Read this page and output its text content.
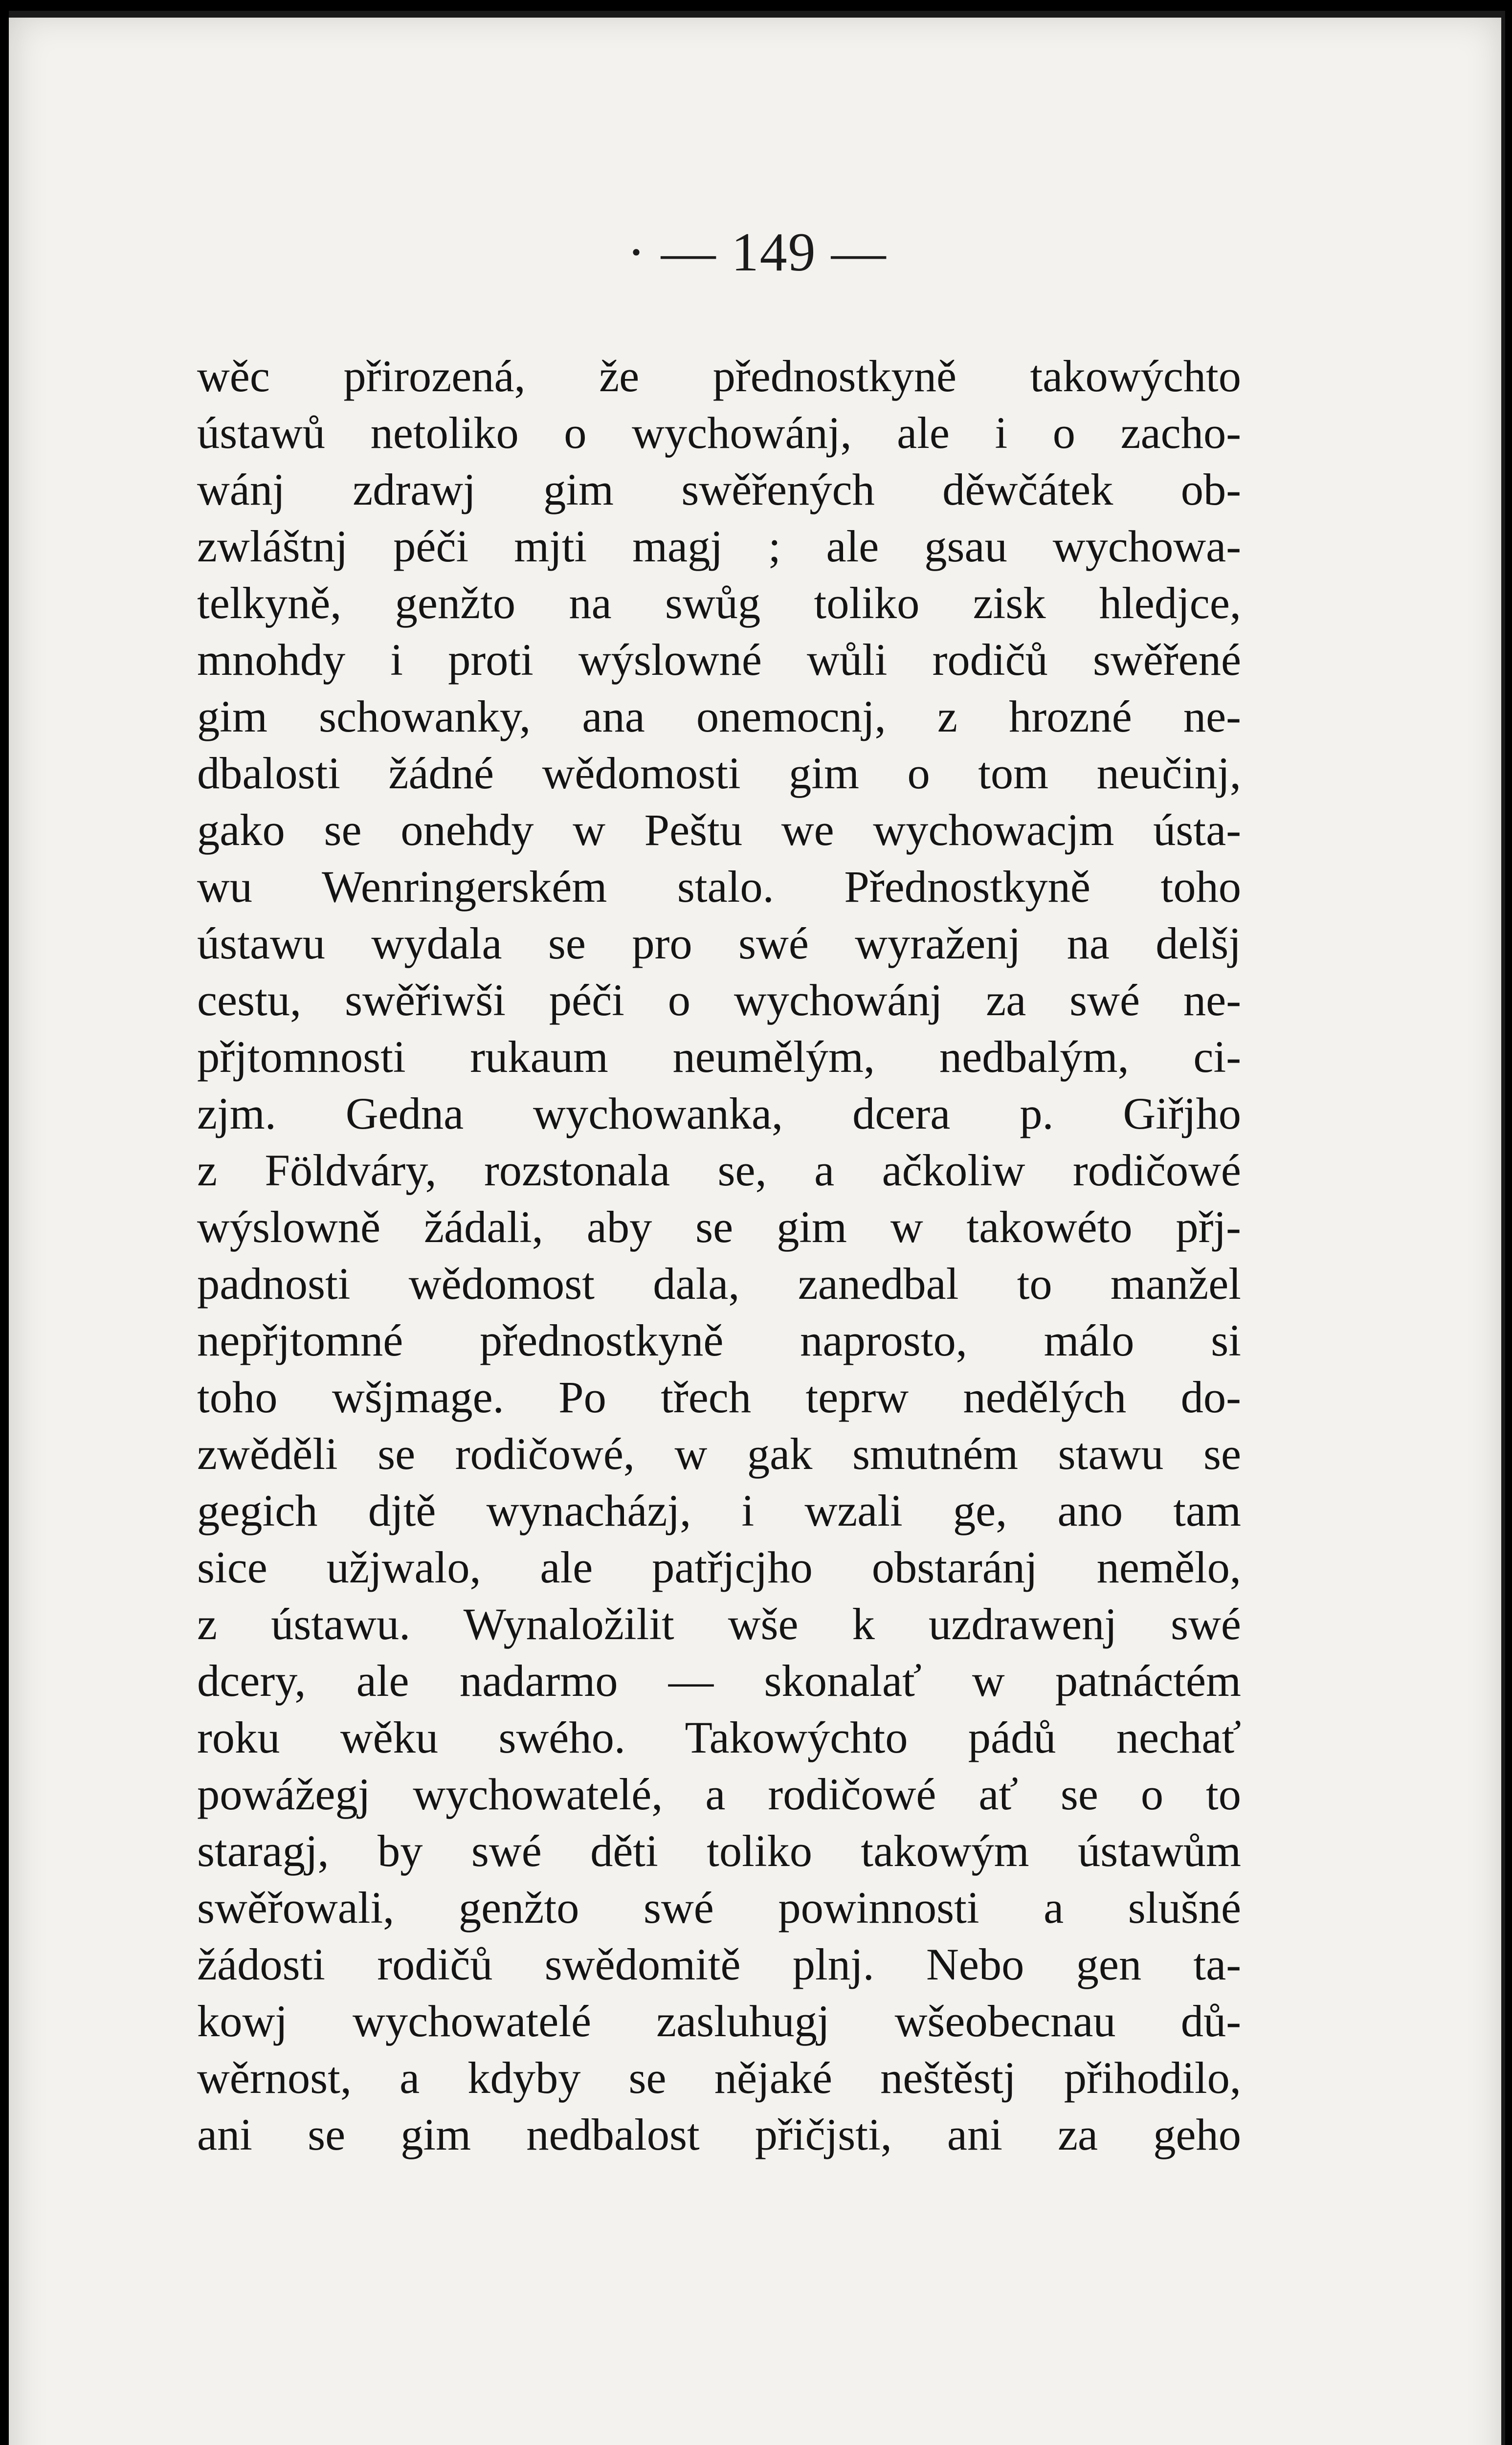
· — 149 —
wěc přirozená, že přednostkyně takowýchto
ústawů netoliko o wychowánj, ale i o zacho-
wánj zdrawj gim swěřených děwčátek ob-
zwláštnj péči mjti magj ; ale gsau wychowa-
telkyně, genžto na swůg toliko zisk hledjce,
mnohdy i proti wýslowné wůli rodičů swěřené
gim schowanky, ana onemocnj, z hrozné ne-
dbalosti žádné wědomosti gim o tom neučinj,
gako se onehdy w Peštu we wychowacjm ústa-
wu Wenringerském stalo. Přednostkyně toho
ústawu wydala se pro swé wyraženj na delšj
cestu, swěřiwši péči o wychowánj za swé ne-
přjtomnosti rukaum neumělým, nedbalým, ci-
zjm. Gedna wychowanka, dcera p. Giřjho
z Földváry, rozstonala se, a ačkoliw rodičowé
wýslowně žádali, aby se gim w takowéto přj-
padnosti wědomost dala, zanedbal to manžel
nepřjtomné přednostkyně naprosto, málo si
toho wšjmage. Po třech teprw nedělých do-
zwěděli se rodičowé, w gak smutném stawu se
gegich djtě wynacházj, i wzali ge, ano tam
sice užjwalo, ale patřjcjho obstaránj nemělo,
z ústawu. Wynaložilit wše k uzdrawenj swé
dcery, ale nadarmo — skonalať w patnáctém
roku wěku swého. Takowýchto pádů nechať
powážegj wychowatelé, a rodičowé ať se o to
staragj, by swé děti toliko takowým ústawům
swěřowali, genžto swé powinnosti a slušné
žádosti rodičů swědomitě plnj. Nebo gen ta-
kowj wychowatelé zasluhugj wšeobecnau dů-
wěrnost, a kdyby se nějaké neštěstj přihodilo,
ani se gim nedbalost přičjsti, ani za geho
